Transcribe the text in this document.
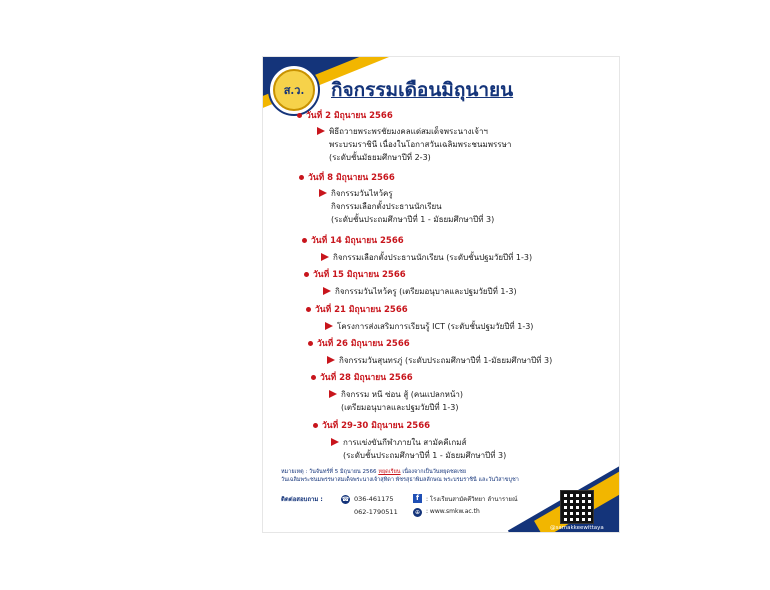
ส.ว. กิจกรรมเดือนมิถุนายน
วันที่ 2 มิถุนายน 2566
พิธีถวายพระพรชัยมงคลแด่สมเด็จพระนางเจ้าฯ
พระบรมราชินี เนื่องในโอกาสวันเฉลิมพระชนมพรรษา
(ระดับชั้นมัธยมศึกษาปีที่ 2-3)
วันที่ 8 มิถุนายน 2566
กิจกรรมวันไหว้ครู
กิจกรรมเลือกตั้งประธานนักเรียน
(ระดับชั้นประถมศึกษาปีที่ 1 - มัธยมศึกษาปีที่ 3)
วันที่ 14 มิถุนายน 2566
กิจกรรมเลือกตั้งประธานนักเรียน (ระดับชั้นปฐมวัยปีที่ 1-3)
วันที่ 15 มิถุนายน 2566
กิจกรรมวันไหว้ครู (เตรียมอนุบาลและปฐมวัยปีที่ 1-3)
วันที่ 21 มิถุนายน 2566
โครงการส่งเสริมการเรียนรู้ ICT (ระดับชั้นปฐมวัยปีที่ 1-3)
วันที่ 26 มิถุนายน 2566
กิจกรรมวันสุนทรภู่ (ระดับประถมศึกษาปีที่ 1-มัธยมศึกษาปีที่ 3)
วันที่ 28 มิถุนายน 2566
กิจกรรม หนี ซ่อน สู้ (คนแปลกหน้า)
(เตรียมอนุบาลและปฐมวัยปีที่ 1-3)
วันที่ 29-30 มิถุนายน 2566
การแข่งขันกีฬาภายใน สามัคคีเกมส์
(ระดับชั้นประถมศึกษาปีที่ 1 - มัธยมศึกษาปีที่ 3)
หมายเหตุ : วันจันทร์ที่ 5 มิถุนายน 2566 หยุดเรียน เนื่องจากเป็นวันหยุดชดเชย
วันเฉลิมพระชนมพรรษาสมเด็จพระนางเจ้าสุทิดา พัชรสุธาพิมลลักษณ พระบรมราชินี และวันวิสาขบูชา
ติดต่อสอบถาม :	☎ 036-461175
062-1790511
f	: โรงเรียนสามัคคีวิทยา ลำนารายณ์
⊕ : www.smkw.ac.th
@samakkeewittaya
